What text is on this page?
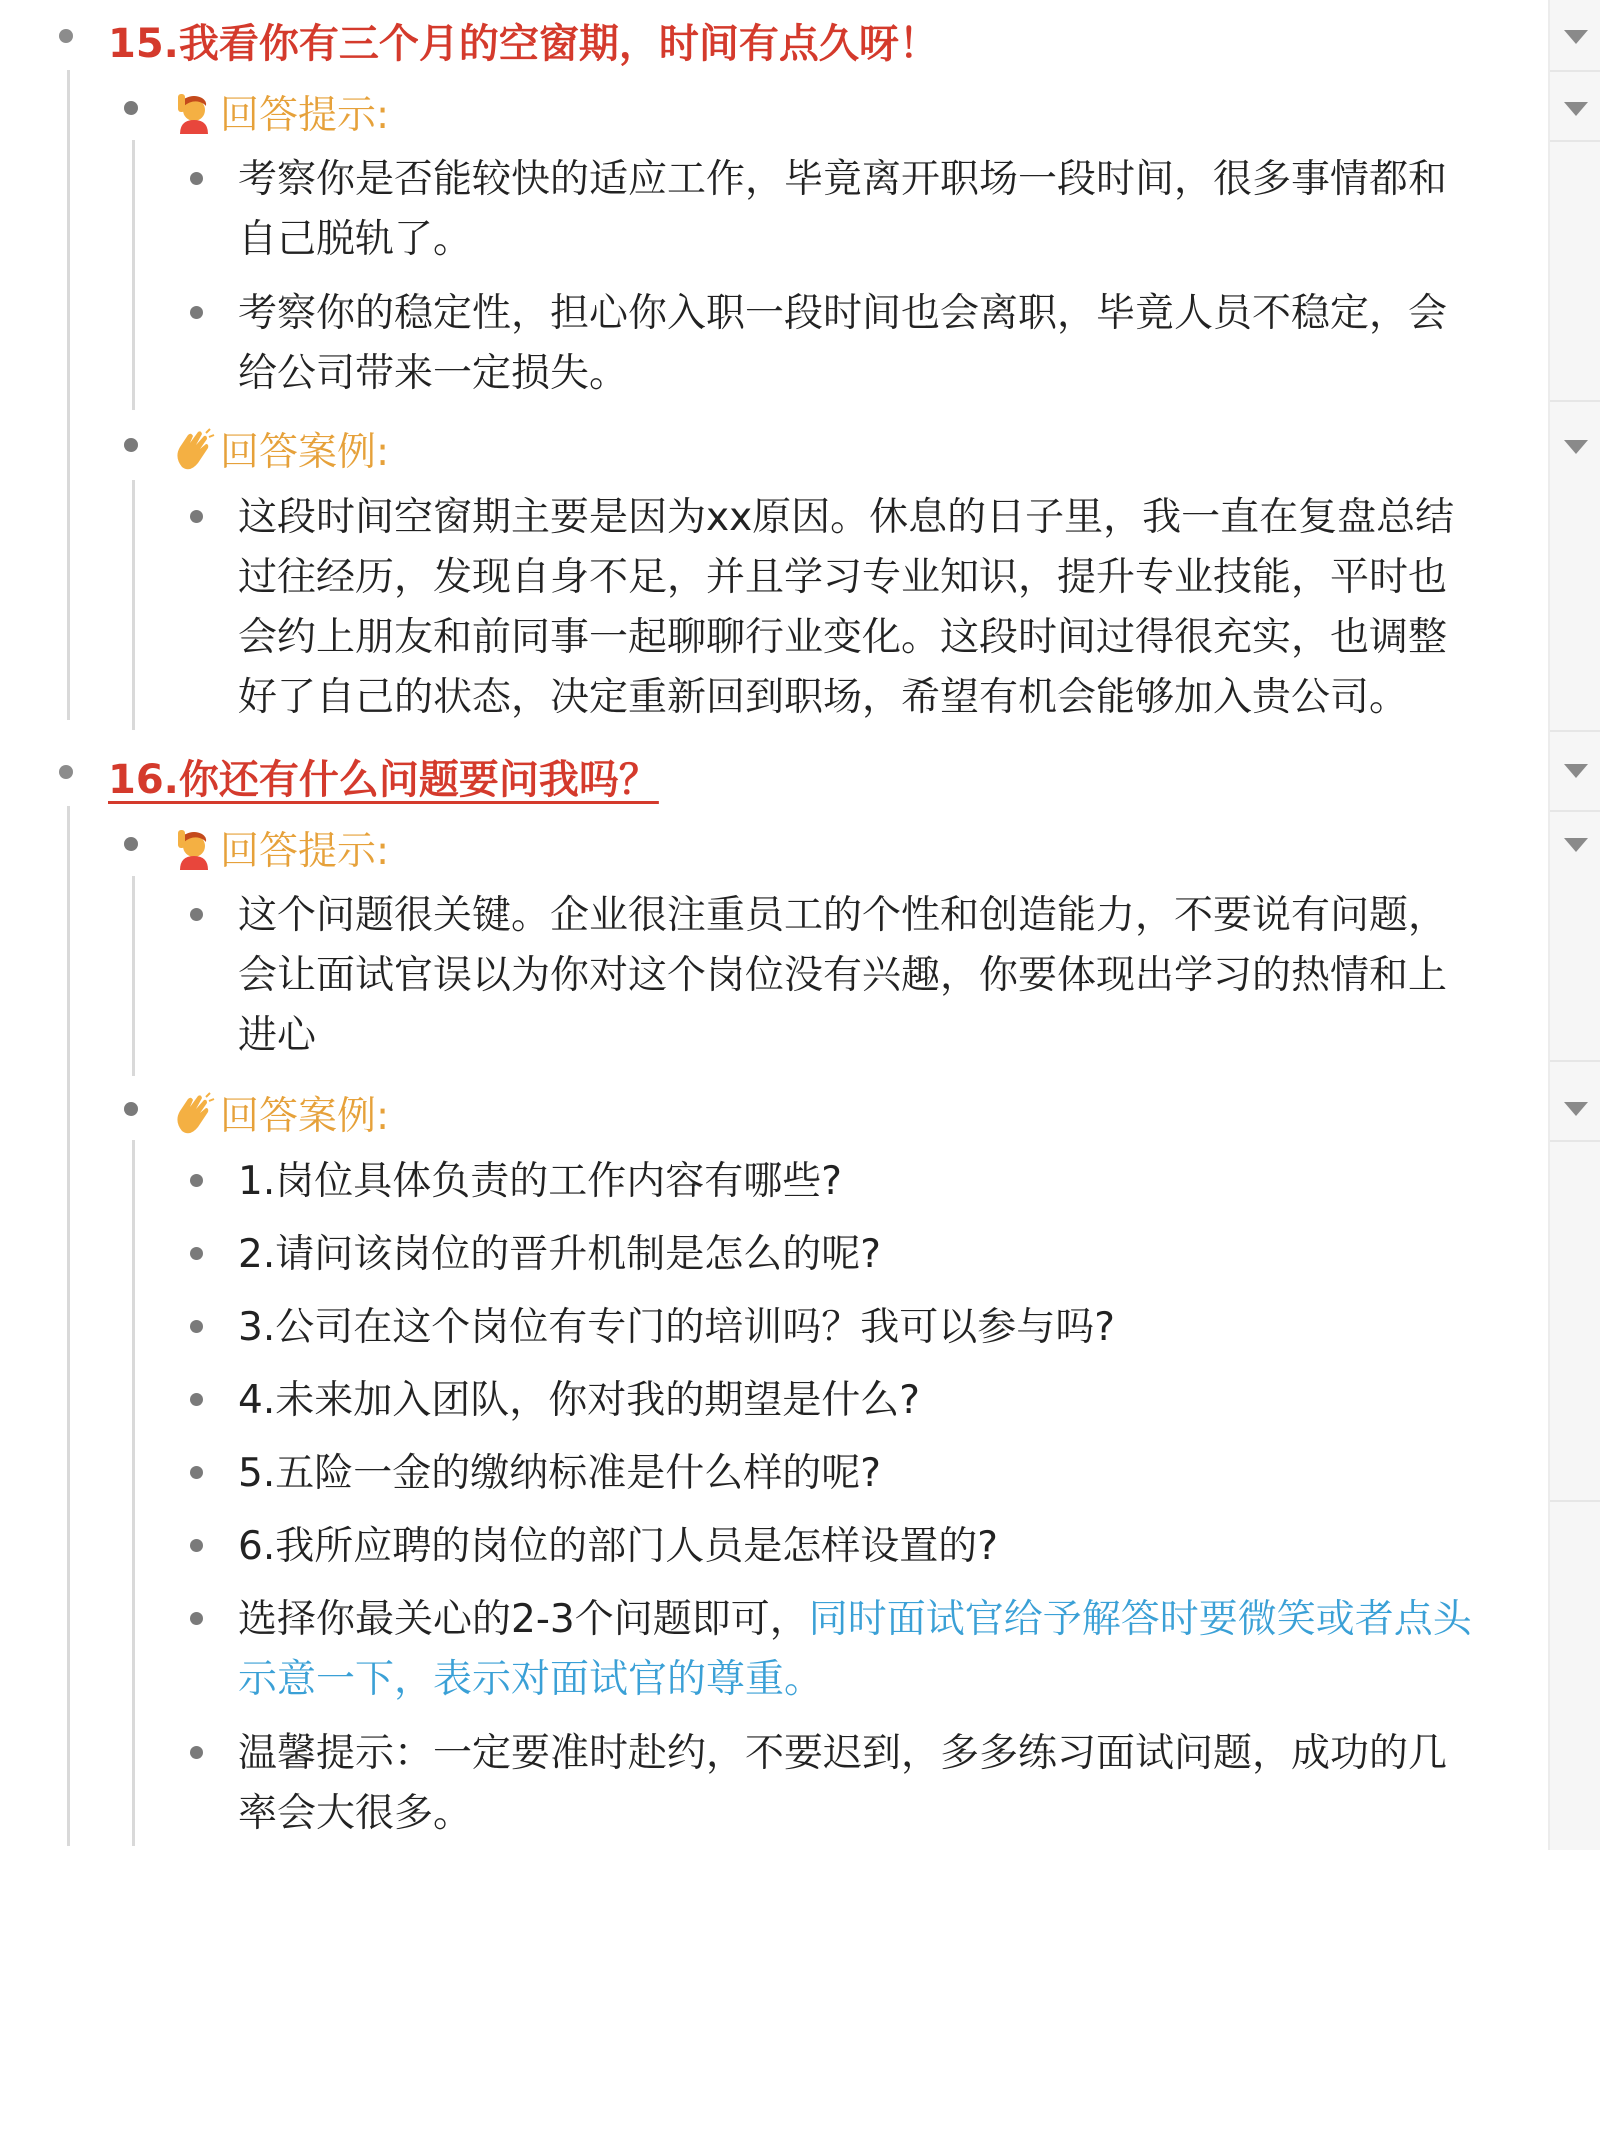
15.我看你有三个月的空窗期，时间有点久呀！
回答提示:
考察你是否能较快的适应工作，毕竟离开职场一段时间，很多事情都和
自己脱轨了。
考察你的稳定性，担心你入职一段时间也会离职，毕竟人员不稳定，会
给公司带来一定损失。
回答案例:
这段时间空窗期主要是因为xx原因。休息的日子里，我一直在复盘总结
过往经历，发现自身不足，并且学习专业知识，提升专业技能，平时也
会约上朋友和前同事一起聊聊行业变化。这段时间过得很充实，也调整
好了自己的状态，决定重新回到职场，希望有机会能够加入贵公司。
16.你还有什么问题要问我吗？
回答提示:
这个问题很关键。企业很注重员工的个性和创造能力，不要说有问题，
会让面试官误以为你对这个岗位没有兴趣，你要体现出学习的热情和上
进心
回答案例:
1.岗位具体负责的工作内容有哪些?
2.请问该岗位的晋升机制是怎么的呢?
3.公司在这个岗位有专门的培训吗？我可以参与吗?
4.未来加入团队，你对我的期望是什么?
5.五险一金的缴纳标准是什么样的呢?
6.我所应聘的岗位的部门人员是怎样设置的?
选择你最关心的2-3个问题即可，同时面试官给予解答时要微笑或者点头
示意一下，表示对面试官的尊重。
温馨提示：一定要准时赴约，不要迟到，多多练习面试问题，成功的几
率会大很多。
